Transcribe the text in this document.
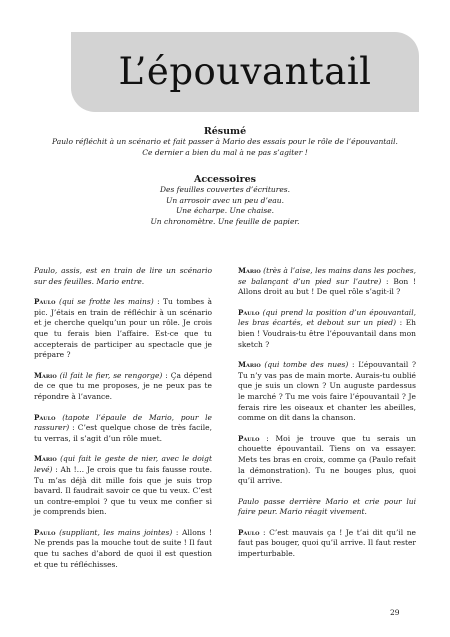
L’épouvantail

Résumé

Paulo réfléchit à un scénario et fait passer à Mario des essais pour le rôle de l’épouvantail.

Ce dernier a bien du mal à ne pas s’agiter !

Accessoires

Des feuilles couvertes d’écritures.

Un arrosoir avec un peu d’eau.

Une écharpe. Une chaise.

Un chronomètre. Une feuille de papier.

Paulo, assis, est en train de lire un scénario sur des feuilles. Mario entre.

Paulo (qui se frotte les mains) : Tu tombes à pic. J’étais en train de réfléchir à un scénario et je cherche quelqu’un pour un rôle. Je crois que tu ferais bien l’affaire. Est-ce que tu accepterais de participer au spectacle que je prépare ?

Mario (il fait le fier, se rengorge) : Ça dépend de ce que tu me proposes, je ne peux pas te répondre à l’avance.

Paulo (tapote l’épaule de Mario, pour le rassurer) : C’est quelque chose de très facile, tu verras, il s’agit d’un rôle muet.

Mario (qui fait le geste de nier, avec le doigt levé) : Ah !… Je crois que tu fais fausse route. Tu m’as déjà dit mille fois que je suis trop bavard. Il faudrait savoir ce que tu veux. C’est un contre-emploi ? que tu veux me confier si je comprends bien.

Paulo (suppliant, les mains jointes) : Allons ! Ne prends pas la mouche tout de suite ! Il faut que tu saches d’abord de quoi il est question et que tu réfléchisses.

Mario (très à l’aise, les mains dans les poches, se balançant d’un pied sur l’autre) : Bon ! Allons droit au but ! De quel rôle s’agit-il ?

Paulo (qui prend la position d’un épouvantail, les bras écartés, et debout sur un pied) : Eh bien ! Voudrais-tu être l’épouvantail dans mon sketch ?

Mario (qui tombe des nues) : L’épouvantail ? Tu n’y vas pas de main morte. Aurais-tu oublié que je suis un clown ? Un auguste pardessus le marché ? Tu me vois faire l’épouvantail ? Je ferais rire les oiseaux et chanter les abeilles, comme on dit dans la chanson.

Paulo : Moi je trouve que tu serais un chouette épouvantail. Tiens on va essayer. Mets tes bras en croix, comme ça (Paulo refait la démonstration). Tu ne bouges plus, quoi qu’il arrive.

Paulo passe derrière Mario et crie pour lui faire peur. Mario réagit vivement.

Paulo : C’est mauvais ça ! Je t’ai dit qu’il ne faut pas bouger, quoi qu’il arrive. Il faut rester imperturbable.

29
